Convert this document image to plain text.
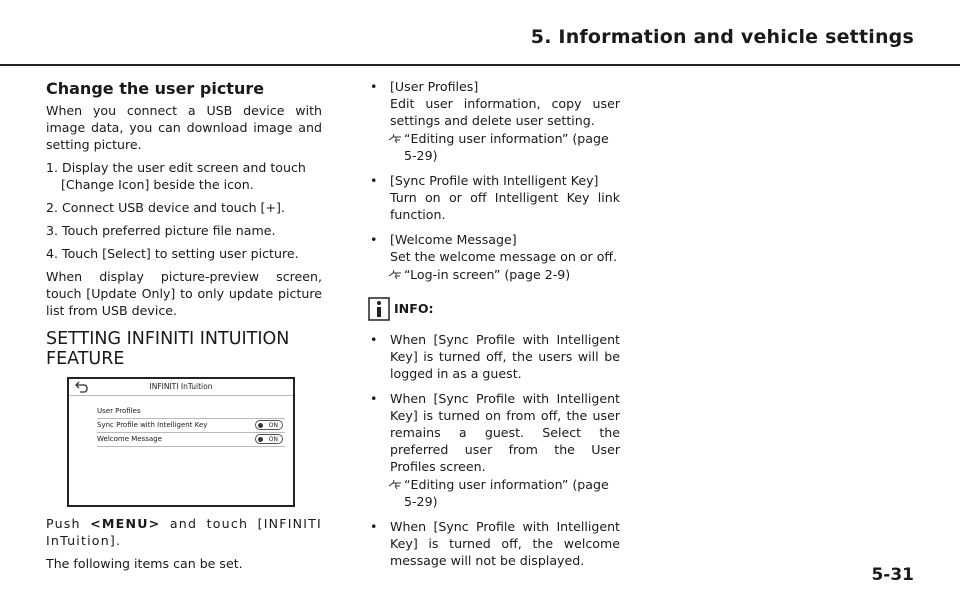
5. Information and vehicle settings
Change the user picture

When you connect a USB device with image data, you can download image and setting picture.

1. Display the user edit screen and touch [Change Icon] beside the icon.
2. Connect USB device and touch [+].
3. Touch preferred picture file name.
4. Touch [Select] to setting user picture.

When display picture-preview screen, touch [Update Only] to only update picture list from USB device.

SETTING INFINITI INTUITION FEATURE
INFINITI InTuition
User Profiles
Sync Profile with Intelligent Key	ON
Welcome Message	ON

Push <MENU> and touch [INFINITI InTuition].

The following items can be set.

• [User Profiles]
Edit user information, copy user settings and delete user setting.
“Editing user information” (page 5-29)
• [Sync Profile with Intelligent Key]
Turn on or off Intelligent Key link function.
• [Welcome Message]
Set the welcome message on or off.
“Log-in screen” (page 2-9)
INFO:
• When [Sync Profile with Intelligent Key] is turned off, the users will be logged in as a guest.
• When [Sync Profile with Intelligent Key] is turned on from off, the user remains a guest. Select the preferred user from the User Profiles screen.
“Editing user information” (page 5-29)
• When [Sync Profile with Intelligent Key] is turned off, the welcome message will not be displayed.
5-31
